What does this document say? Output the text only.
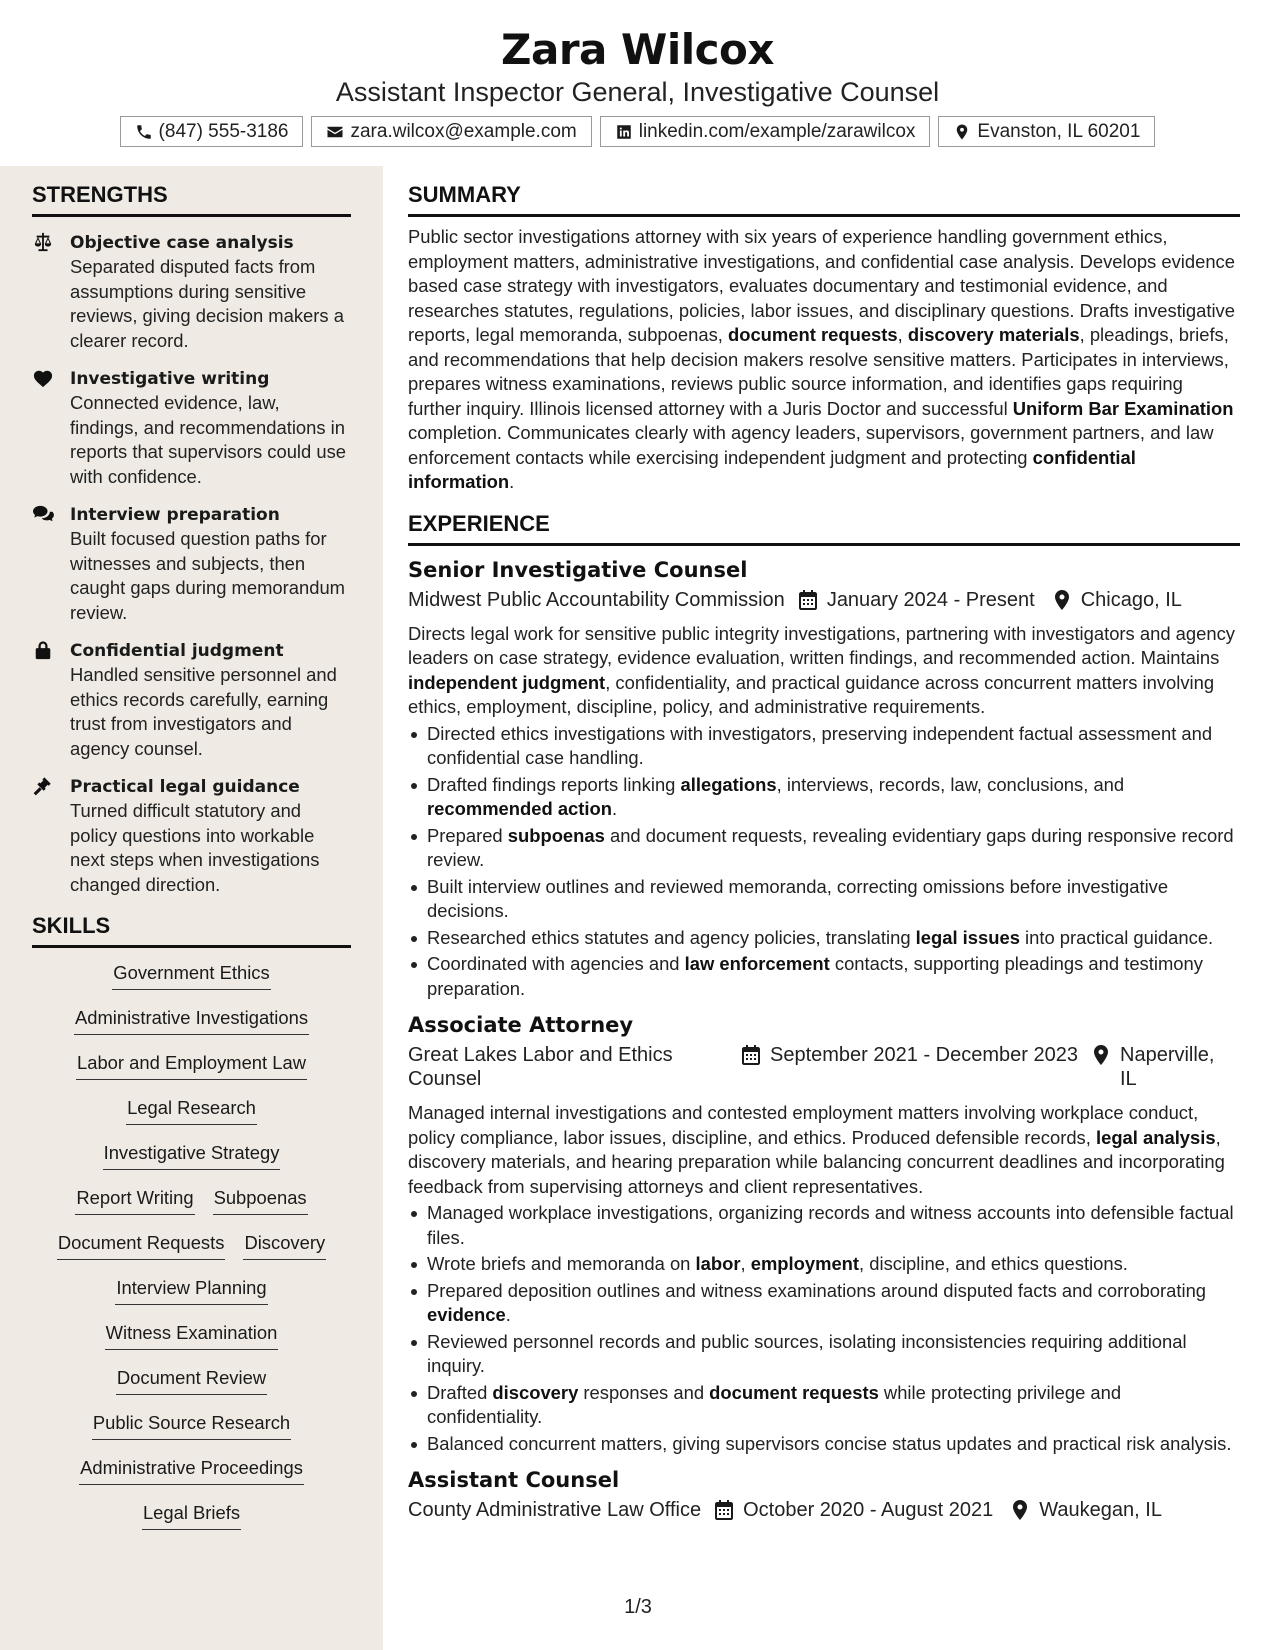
Zara Wilcox
Assistant Inspector General, Investigative Counsel
(847) 555-3186	zara.wilcox@example.com	linkedin.com/example/zarawilcox	Evanston, IL 60201
STRENGTHS
Objective case analysis
Separated disputed facts from assumptions during sensitive reviews, giving decision makers a clearer record.
Investigative writing
Connected evidence, law, findings, and recommendations in reports that supervisors could use with confidence.
Interview preparation
Built focused question paths for witnesses and subjects, then caught gaps during memorandum review.
Confidential judgment
Handled sensitive personnel and ethics records carefully, earning trust from investigators and agency counsel.
Practical legal guidance
Turned difficult statutory and policy questions into workable next steps when investigations changed direction.
SKILLS
Government Ethics
Administrative Investigations
Labor and Employment Law
Legal Research
Investigative Strategy
Report Writing Subpoenas
Document Requests Discovery
Interview Planning
Witness Examination
Document Review
Public Source Research
Administrative Proceedings
Legal Briefs
SUMMARY
Public sector investigations attorney with six years of experience handling government ethics, employment matters, administrative investigations, and confidential case analysis. Develops evidence based case strategy with investigators, evaluates documentary and testimonial evidence, and researches statutes, regulations, policies, labor issues, and disciplinary questions. Drafts investigative reports, legal memoranda, subpoenas, document requests, discovery materials, pleadings, briefs, and recommendations that help decision makers resolve sensitive matters. Participates in interviews, prepares witness examinations, reviews public source information, and identifies gaps requiring further inquiry. Illinois licensed attorney with a Juris Doctor and successful Uniform Bar Examination completion. Communicates clearly with agency leaders, supervisors, government partners, and law enforcement contacts while exercising independent judgment and protecting confidential information.
EXPERIENCE
Senior Investigative Counsel
Midwest Public Accountability Commission January 2024 - Present Chicago, IL
Directs legal work for sensitive public integrity investigations, partnering with investigators and agency leaders on case strategy, evidence evaluation, written findings, and recommended action. Maintains independent judgment, confidentiality, and practical guidance across concurrent matters involving ethics, employment, discipline, policy, and administrative requirements.
Directed ethics investigations with investigators, preserving independent factual assessment and confidential case handling.
Drafted findings reports linking allegations, interviews, records, law, conclusions, and recommended action.
Prepared subpoenas and document requests, revealing evidentiary gaps during responsive record review.
Built interview outlines and reviewed memoranda, correcting omissions before investigative decisions.
Researched ethics statutes and agency policies, translating legal issues into practical guidance.
Coordinated with agencies and law enforcement contacts, supporting pleadings and testimony preparation.
Associate Attorney
Great Lakes Labor and Ethics Counsel
September 2021 - December 2023 Naperville, IL
Managed internal investigations and contested employment matters involving workplace conduct, policy compliance, labor issues, discipline, and ethics. Produced defensible records, legal analysis, discovery materials, and hearing preparation while balancing concurrent deadlines and incorporating feedback from supervising attorneys and client representatives.
Managed workplace investigations, organizing records and witness accounts into defensible factual files.
Wrote briefs and memoranda on labor, employment, discipline, and ethics questions.
Prepared deposition outlines and witness examinations around disputed facts and corroborating evidence.
Reviewed personnel records and public sources, isolating inconsistencies requiring additional inquiry.
Drafted discovery responses and document requests while protecting privilege and confidentiality.
Balanced concurrent matters, giving supervisors concise status updates and practical risk analysis.
Assistant Counsel
County Administrative Law Office October 2020 - August 2021 Waukegan, IL
1/3
